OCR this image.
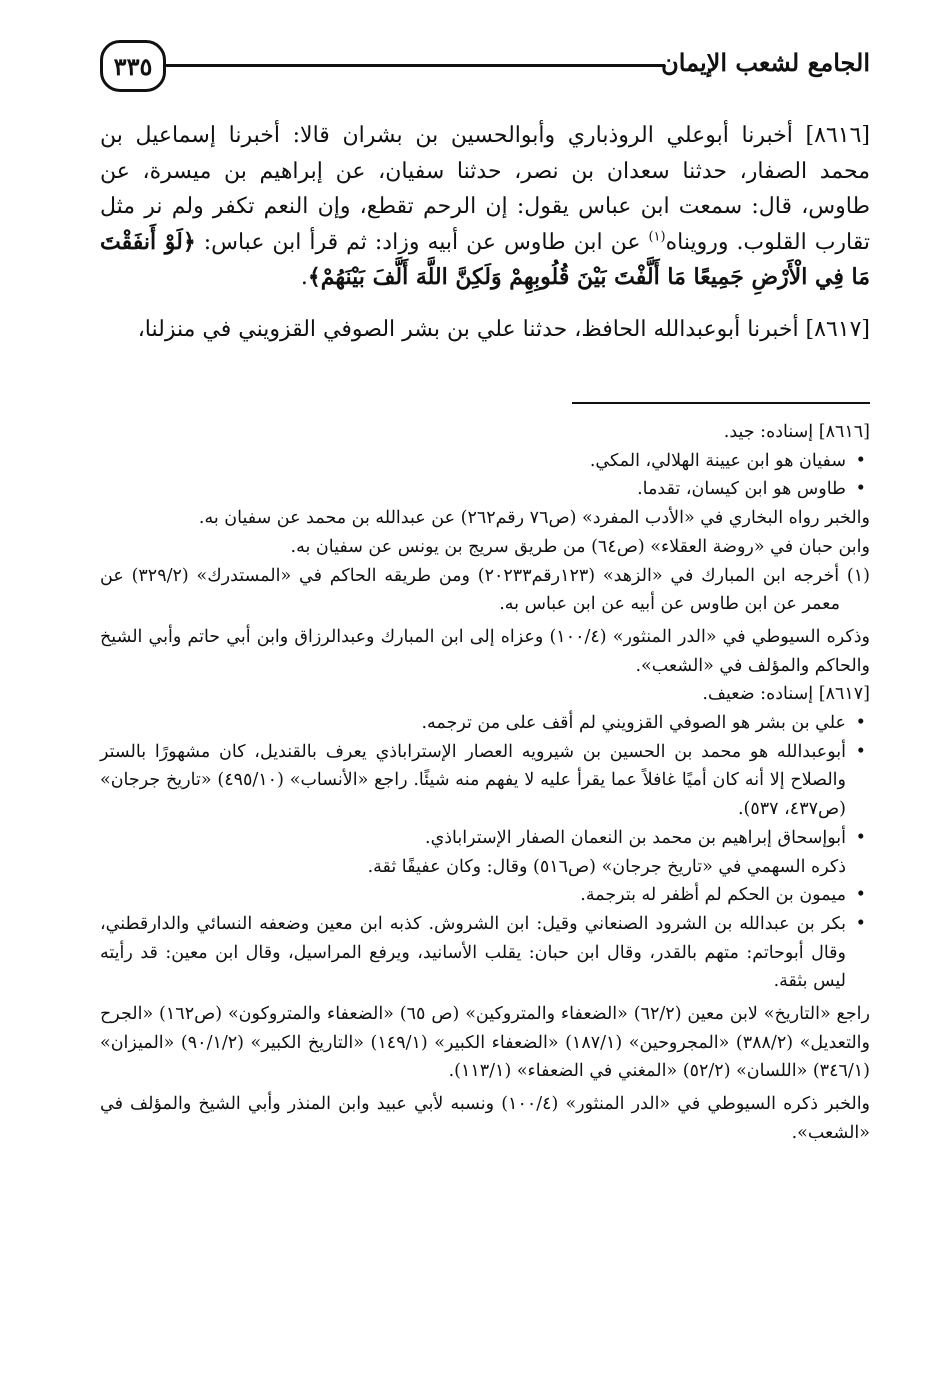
٣٣٥	الجامع لشعب الإيمان

[٨٦١٦] أخبرنا أبوعلي الروذباري وأبوالحسين بن بشران قالا: أخبرنا إسماعيل بن محمد الصفار، حدثنا سعدان بن نصر، حدثنا سفيان، عن إبراهيم بن ميسرة، عن طاوس، قال: سمعت ابن عباس يقول: إن الرحم تقطع، وإن النعم تكفر ولم نر مثل تقارب القلوب. ورويناه$^{(١)}$ عن ابن طاوس عن أبيه وزاد: ثم قرأ ابن عباس: ﴿لَوْ أَنفَقْتَ مَا فِي الْأَرْضِ جَمِيعًا مَا أَلَّفْتَ بَيْنَ قُلُوبِهِمْ وَلَكِنَّ اللَّهَ أَلَّفَ بَيْنَهُمْ﴾.

[٨٦١٧] أخبرنا أبوعبدالله الحافظ، حدثنا علي بن بشر الصوفي القزويني في منزلنا،

[٨٦١٦] إسناده: جيد.

• سفيان هو ابن عيينة الهلالي، المكي.

• طاوس هو ابن كيسان، تقدما.

والخبر رواه البخاري في «الأدب المفرد» (ص٧٦ رقم٢٦٢) عن عبدالله بن محمد عن سفيان به.

وابن حبان في «روضة العقلاء» (ص٦٤) من طريق سريج بن يونس عن سفيان به.

(١) أخرجه ابن المبارك في «الزهد» (١٢٣رقم٢٠٢٣٣) ومن طريقه الحاكم في «المستدرك» (٣٢٩/٢) عن معمر عن ابن طاوس عن أبيه عن ابن عباس به.

وذكره السيوطي في «الدر المنثور» (١٠٠/٤) وعزاه إلى ابن المبارك وعبدالرزاق وابن أبي حاتم وأبي الشيخ والحاكم والمؤلف في «الشعب».

[٨٦١٧] إسناده: ضعيف.

• علي بن بشر هو الصوفي القزويني لم أقف على من ترجمه.

• أبوعبدالله هو محمد بن الحسين بن شيرويه العصار الإستراباذي يعرف بالقنديل، كان مشهورًا بالستر والصلاح إلا أنه كان أميًا غافلاً عما يقرأ عليه لا يفهم منه شيئًا. راجع «الأنساب» (٤٩٥/١٠) «تاريخ جرجان» (ص٤٣٧، ٥٣٧).

• أبوإسحاق إبراهيم بن محمد بن النعمان الصفار الإستراباذي.

ذكره السهمي في «تاريخ جرجان» (ص٥١٦) وقال: وكان عفيفًا ثقة.

• ميمون بن الحكم لم أظفر له بترجمة.

• بكر بن عبدالله بن الشرود الصنعاني وقيل: ابن الشروش. كذبه ابن معين وضعفه النسائي والدارقطني، وقال أبوحاتم: متهم بالقدر، وقال ابن حبان: يقلب الأسانيد، ويرفع المراسيل، وقال ابن معين: قد رأيته ليس بثقة.

راجع «التاريخ» لابن معين (٦٢/٢) «الضعفاء والمتروكين» (ص ٦٥) «الضعفاء والمتروكون» (ص١٦٢) «الجرح والتعديل» (٣٨٨/٢) «المجروحين» (١٨٧/١) «الضعفاء الكبير» (١٤٩/١) «التاريخ الكبير» (٩٠/١/٢) «الميزان» (٣٤٦/١) «اللسان» (٥٢/٢) «المغني في الضعفاء» (١١٣/١).

والخبر ذكره السيوطي في «الدر المنثور» (١٠٠/٤) ونسبه لأبي عبيد وابن المنذر وأبي الشيخ والمؤلف في «الشعب».
